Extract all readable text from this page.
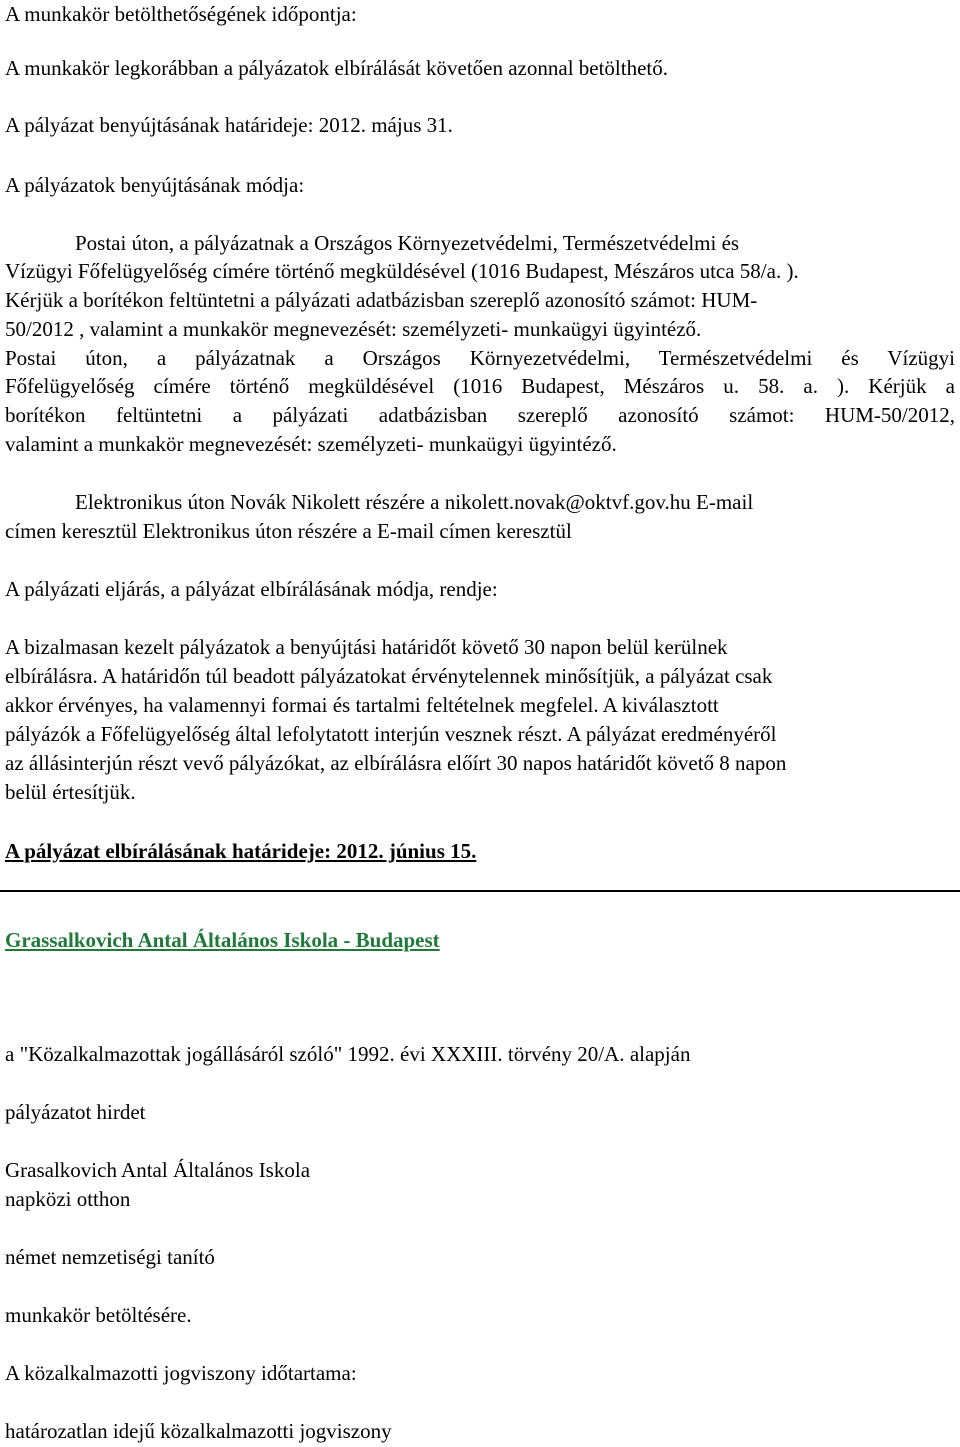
A munkakör betölthetőségének időpontja:
A munkakör legkorábban a pályázatok elbírálását követően azonnal betölthető.
A pályázat benyújtásának határideje: 2012. május 31.
A pályázatok benyújtásának módja:
Postai úton, a pályázatnak a Országos Környezetvédelmi, Természetvédelmi és
Vízügyi Főfelügyelőség címére történő megküldésével (1016 Budapest, Mészáros utca 58/a. ).
Kérjük a borítékon feltüntetni a pályázati adatbázisban szereplő azonosító számot: HUM-
50/2012 , valamint a munkakör megnevezését: személyzeti- munkaügyi ügyintéző.
Postai úton, a pályázatnak a Országos Környezetvédelmi, Természetvédelmi és Vízügyi
Főfelügyelőség címére történő megküldésével (1016 Budapest, Mészáros u. 58. a. ). Kérjük a
borítékon feltüntetni a pályázati adatbázisban szereplő azonosító számot: HUM-50/2012,
valamint a munkakör megnevezését: személyzeti- munkaügyi ügyintéző.
Elektronikus úton Novák Nikolett részére a nikolett.novak@oktvf.gov.hu E-mail
címen keresztül Elektronikus úton részére a E-mail címen keresztül
A pályázati eljárás, a pályázat elbírálásának módja, rendje:
A bizalmasan kezelt pályázatok a benyújtási határidőt követő 30 napon belül kerülnek
elbírálásra. A határidőn túl beadott pályázatokat érvénytelennek minősítjük, a pályázat csak
akkor érvényes, ha valamennyi formai és tartalmi feltételnek megfelel. A kiválasztott
pályázók a Főfelügyelőség által lefolytatott interjún vesznek részt. A pályázat eredményéről
az állásinterjún részt vevő pályázókat, az elbírálásra előírt 30 napos határidőt követő 8 napon
belül értesítjük.
A pályázat elbírálásának határideje: 2012. június 15.
Grassalkovich Antal Általános Iskola - Budapest
a "Közalkalmazottak jogállásáról szóló" 1992. évi XXXIII. törvény 20/A. alapján
pályázatot hirdet
Grasalkovich Antal Általános Iskola
napközi otthon
német nemzetiségi tanító
munkakör betöltésére.
A közalkalmazotti jogviszony időtartama:
határozatlan idejű közalkalmazotti jogviszony
